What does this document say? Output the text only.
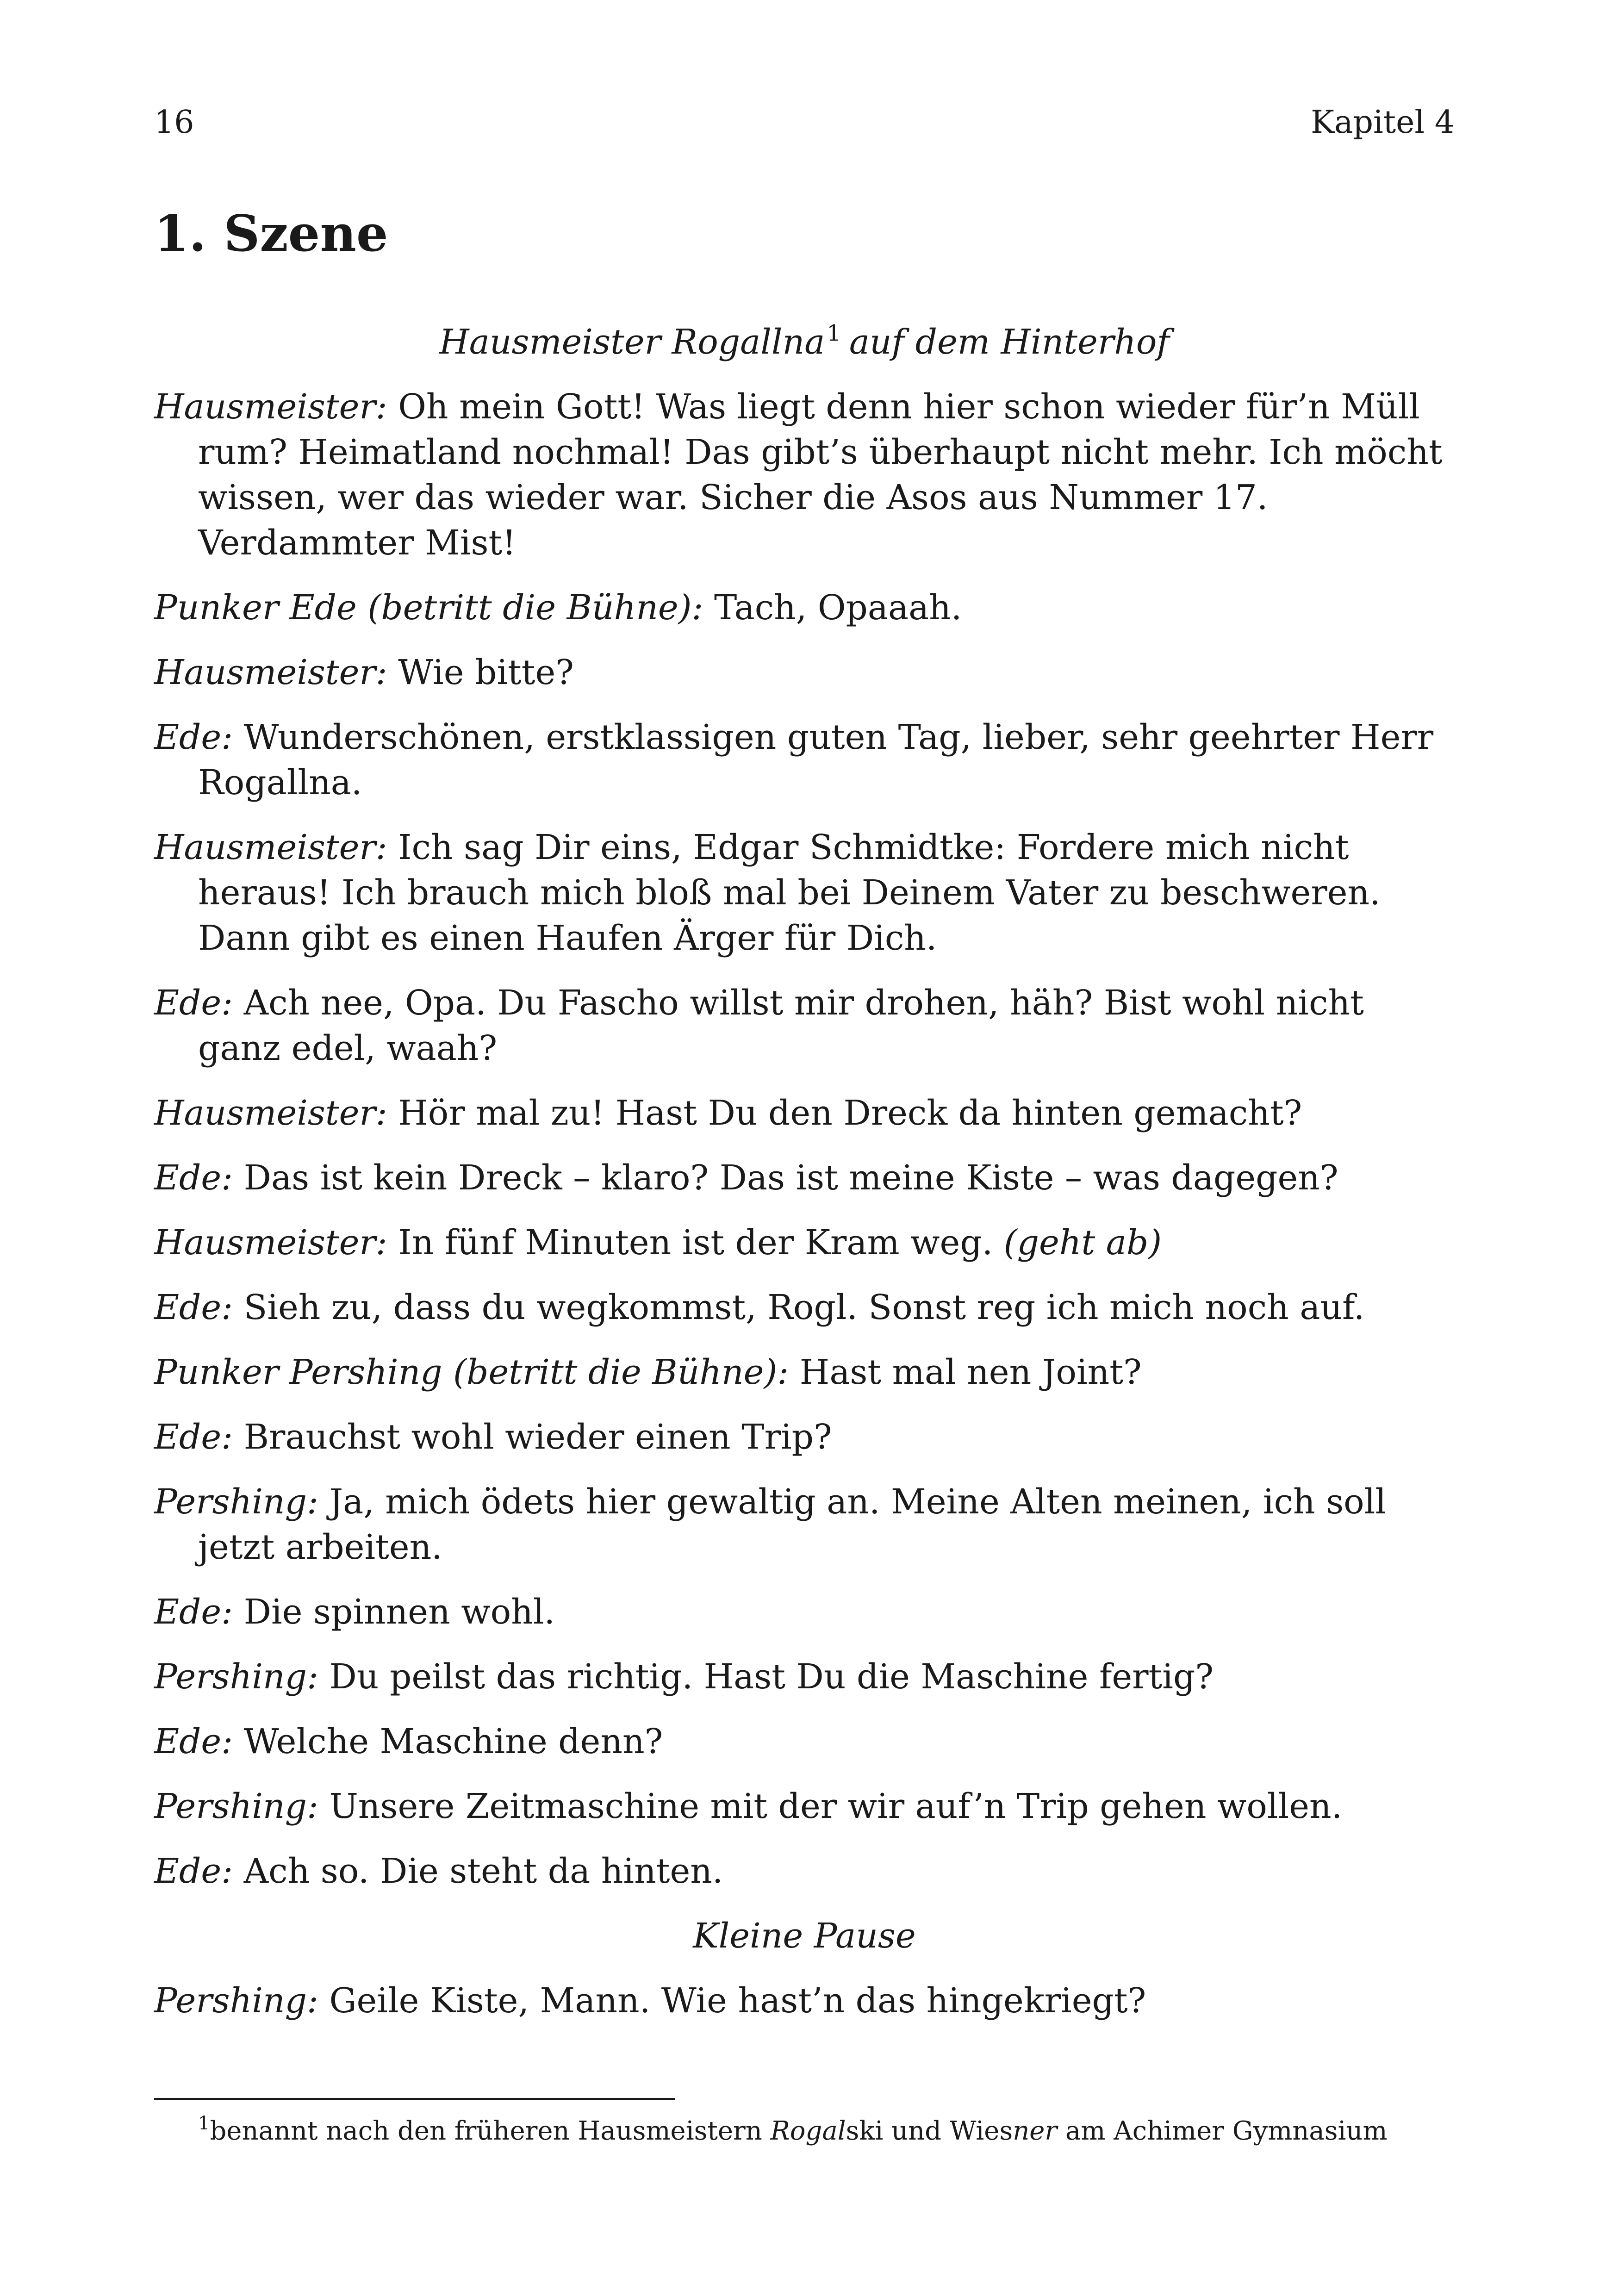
16	Kapitel 4
1. Szene

Hausmeister Rogallna$^1$ auf dem Hinterhof

Hausmeister: Oh mein Gott! Was liegt denn hier schon wieder für’n Müll rum? Heimatland nochmal! Das gibt’s überhaupt nicht mehr. Ich möcht wissen, wer das wieder war. Sicher die Asos aus Nummer 17. Verdammter Mist!

Punker Ede (betritt die Bühne): Tach, Opaaah.

Hausmeister: Wie bitte?

Ede: Wunderschönen, erstklassigen guten Tag, lieber, sehr geehrter Herr Rogallna.

Hausmeister: Ich sag Dir eins, Edgar Schmidtke: Fordere mich nicht heraus! Ich brauch mich bloß mal bei Deinem Vater zu beschweren. Dann gibt es einen Haufen Ärger für Dich.

Ede: Ach nee, Opa. Du Fascho willst mir drohen, häh? Bist wohl nicht ganz edel, waah?

Hausmeister: Hör mal zu! Hast Du den Dreck da hinten gemacht?

Ede: Das ist kein Dreck – klaro? Das ist meine Kiste – was dagegen?

Hausmeister: In fünf Minuten ist der Kram weg. (geht ab)

Ede: Sieh zu, dass du wegkommst, Rogl. Sonst reg ich mich noch auf.

Punker Pershing (betritt die Bühne): Hast mal nen Joint?

Ede: Brauchst wohl wieder einen Trip?

Pershing: Ja, mich ödets hier gewaltig an. Meine Alten meinen, ich soll jetzt arbeiten.

Ede: Die spinnen wohl.

Pershing: Du peilst das richtig. Hast Du die Maschine fertig?

Ede: Welche Maschine denn?

Pershing: Unsere Zeitmaschine mit der wir auf’n Trip gehen wollen.

Ede: Ach so. Die steht da hinten.

Kleine Pause

Pershing: Geile Kiste, Mann. Wie hast’n das hingekriegt?

$^1$benannt nach den früheren Hausmeistern Rogalski und Wiesner am Achimer Gymnasium
